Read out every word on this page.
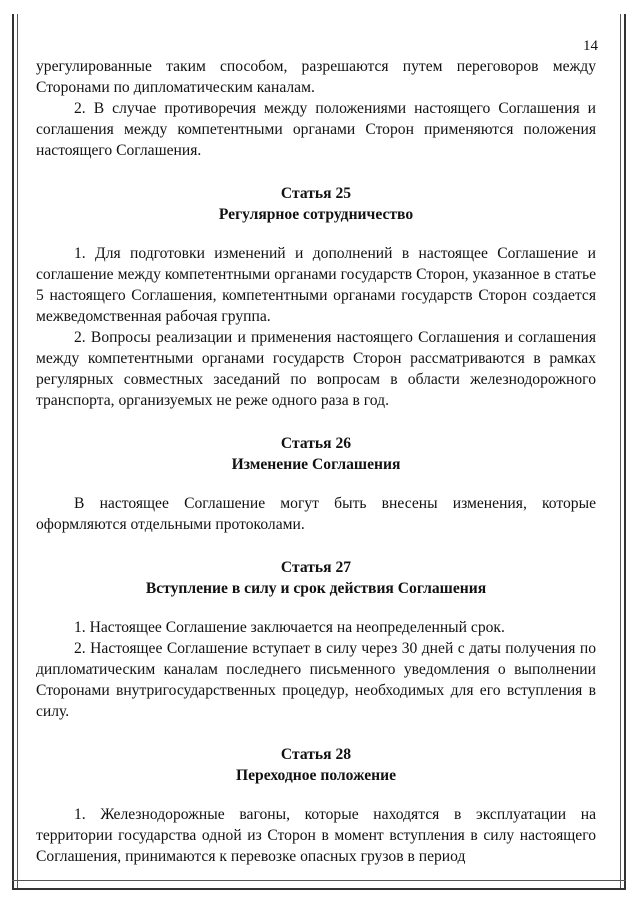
14

урегулированные таким способом, разрешаются путем переговоров между Сторонами по дипломатическим каналам.

2. В случае противоречия между положениями настоящего Соглашения и соглашения между компетентными органами Сторон применяются положения настоящего Соглашения.

Статья 25
Регулярное сотрудничество

1. Для подготовки изменений и дополнений в настоящее Соглашение и соглашение между компетентными органами государств Сторон, указанное в статье 5 настоящего Соглашения, компетентными органами государств Сторон создается межведомственная рабочая группа.

2. Вопросы реализации и применения настоящего Соглашения и соглашения между компетентными органами государств Сторон рассматриваются в рамках регулярных совместных заседаний по вопросам в области железнодорожного транспорта, организуемых не реже одного раза в год.

Статья 26
Изменение Соглашения

В настоящее Соглашение могут быть внесены изменения, которые оформляются отдельными протоколами.

Статья 27
Вступление в силу и срок действия Соглашения

1. Настоящее Соглашение заключается на неопределенный срок.

2. Настоящее Соглашение вступает в силу через 30 дней с даты получения по дипломатическим каналам последнего письменного уведомления о выполнении Сторонами внутригосударственных процедур, необходимых для его вступления в силу.

Статья 28
Переходное положение

1. Железнодорожные вагоны, которые находятся в эксплуатации на территории государства одной из Сторон в момент вступления в силу настоящего Соглашения, принимаются к перевозке опасных грузов в период
